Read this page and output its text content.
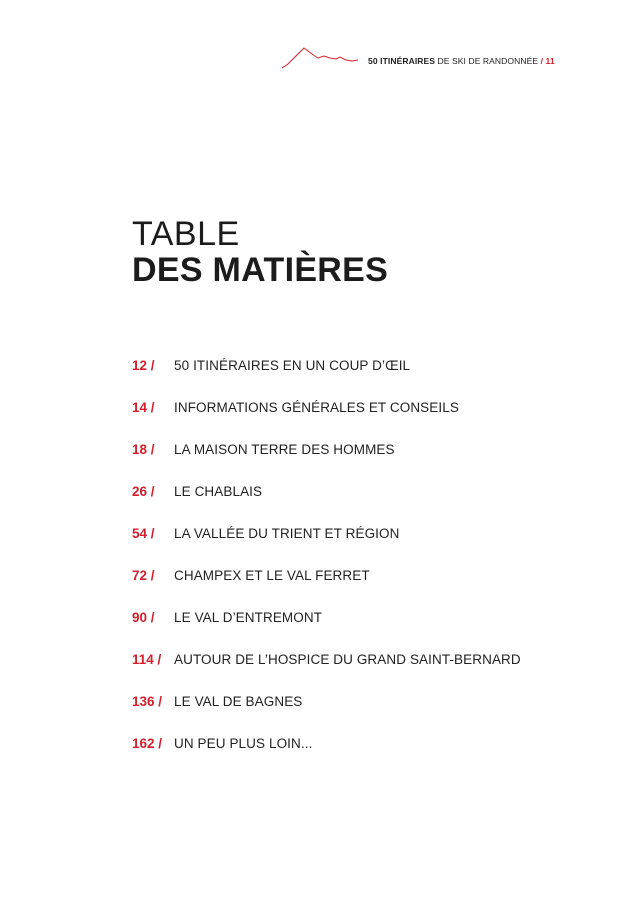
50 ITINÉRAIRES DE SKI DE RANDONNÉE / 11
TABLE
DES MATIÈRES
12 /	50 ITINÉRAIRES EN UN COUP D’ŒIL
14 /	INFORMATIONS GÉNÉRALES ET CONSEILS
18 /	LA MAISON TERRE DES HOMMES
26 /	LE CHABLAIS
54 /	LA VALLÉE DU TRIENT ET RÉGION
72 /	CHAMPEX ET LE VAL FERRET
90 /	LE VAL D’ENTREMONT
114 / AUTOUR DE L’HOSPICE DU GRAND SAINT-BERNARD
136 / LE VAL DE BAGNES
162 / UN PEU PLUS LOIN...
